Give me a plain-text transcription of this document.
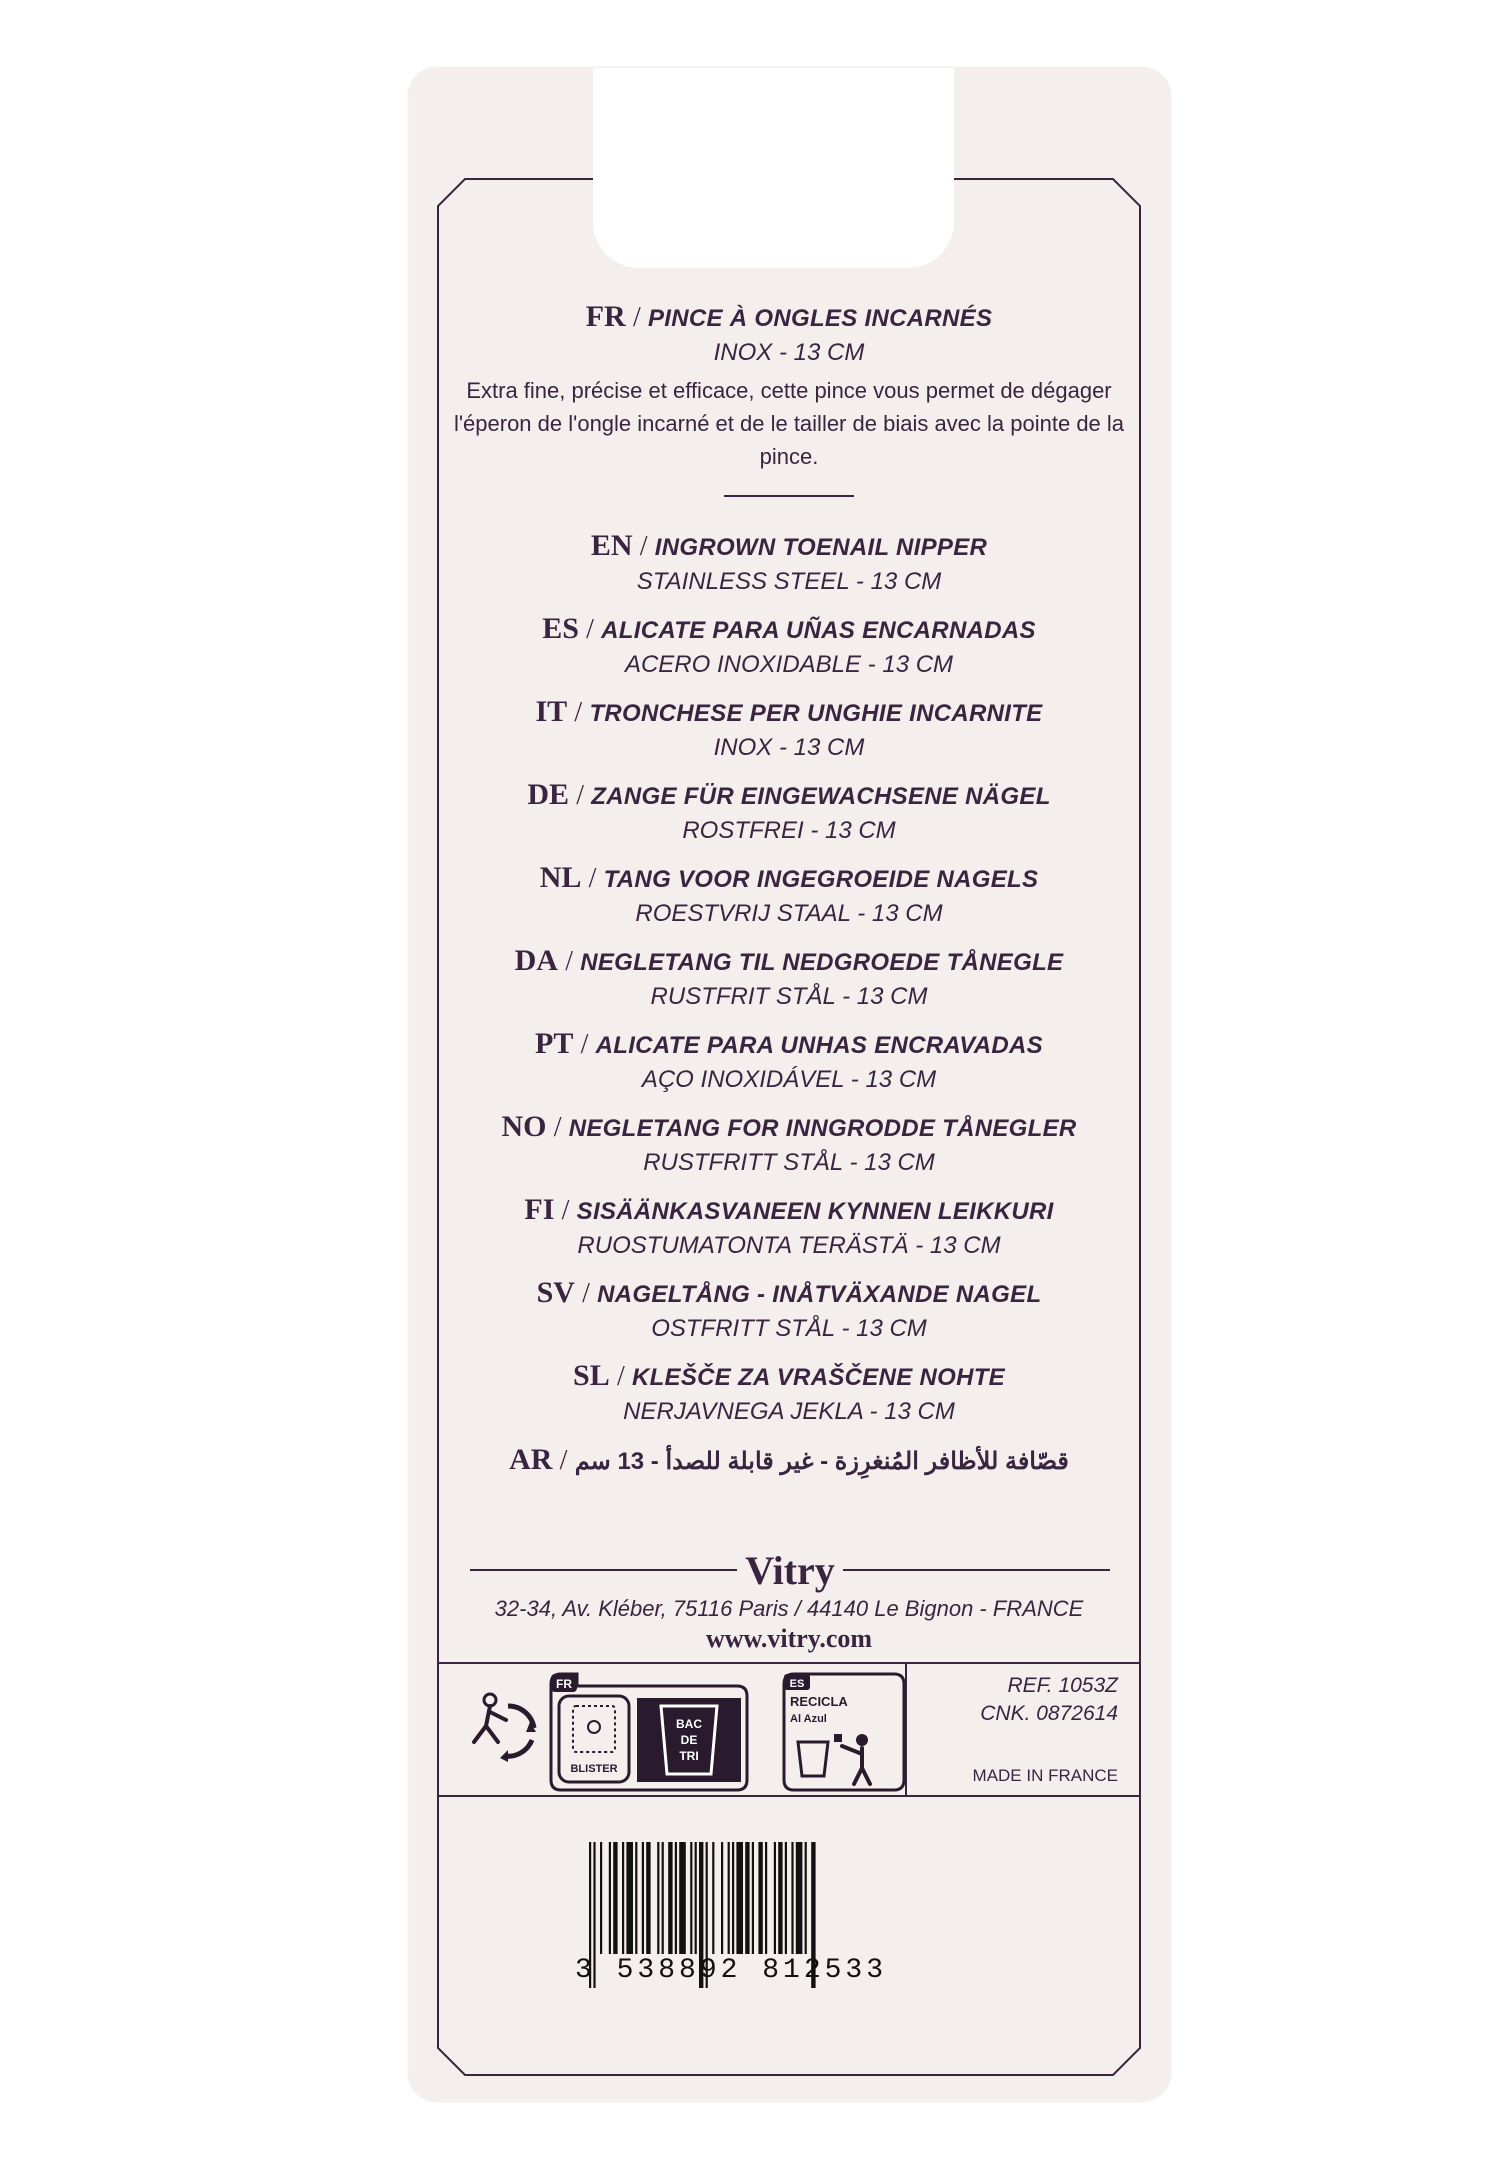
FR / PINCE À ONGLES INCARNÉS
INOX - 13 CM
Extra fine, précise et efficace, cette pince vous permet de dégager l'éperon de l'ongle incarné et de le tailler de biais avec la pointe de la pince.
EN / INGROWN TOENAIL NIPPER
STAINLESS STEEL - 13 CM
ES / ALICATE PARA UÑAS ENCARNADAS
ACERO INOXIDABLE - 13 CM
IT / TRONCHESE PER UNGHIE INCARNITE
INOX - 13 CM
DE / ZANGE FÜR EINGEWACHSENE NÄGEL
ROSTFREI - 13 CM
NL / TANG VOOR INGEGROEIDE NAGELS
ROESTVRIJ STAAL - 13 CM
DA / NEGLETANG TIL NEDGROEDE TÅNEGLE
RUSTFRIT STÅL - 13 CM
PT / ALICATE PARA UNHAS ENCRAVADAS
AÇO INOXIDÁVEL - 13 CM
NO / NEGLETANG FOR INNGRODDE TÅNEGLER
RUSTFRITT STÅL - 13 CM
FI / SISÄÄNKASVANEEN KYNNEN LEIKKURI
RUOSTUMATONTA TERÄSTÄ - 13 CM
SV / NAGELTÅNG - INÅTVÄXANDE NAGEL
OSTFRITT STÅL - 13 CM
SL / KLEŠČE ZA VRAŠČENE NOHTE
NERJAVNEGA JEKLA - 13 CM
AR / قصّافة للأظافر المُنغرِزة - غير قابلة للصدأ - 13 سم
Vitry
32-34, Av. Kléber, 75116 Paris / 44140 Le Bignon - FRANCE
www.vitry.com
FR
BLISTER
BAC
DE
TRI
ES
RECICLA
Al Azul
REF. 1053Z
CNK. 0872614
MADE IN FRANCE
3 538892 812533
